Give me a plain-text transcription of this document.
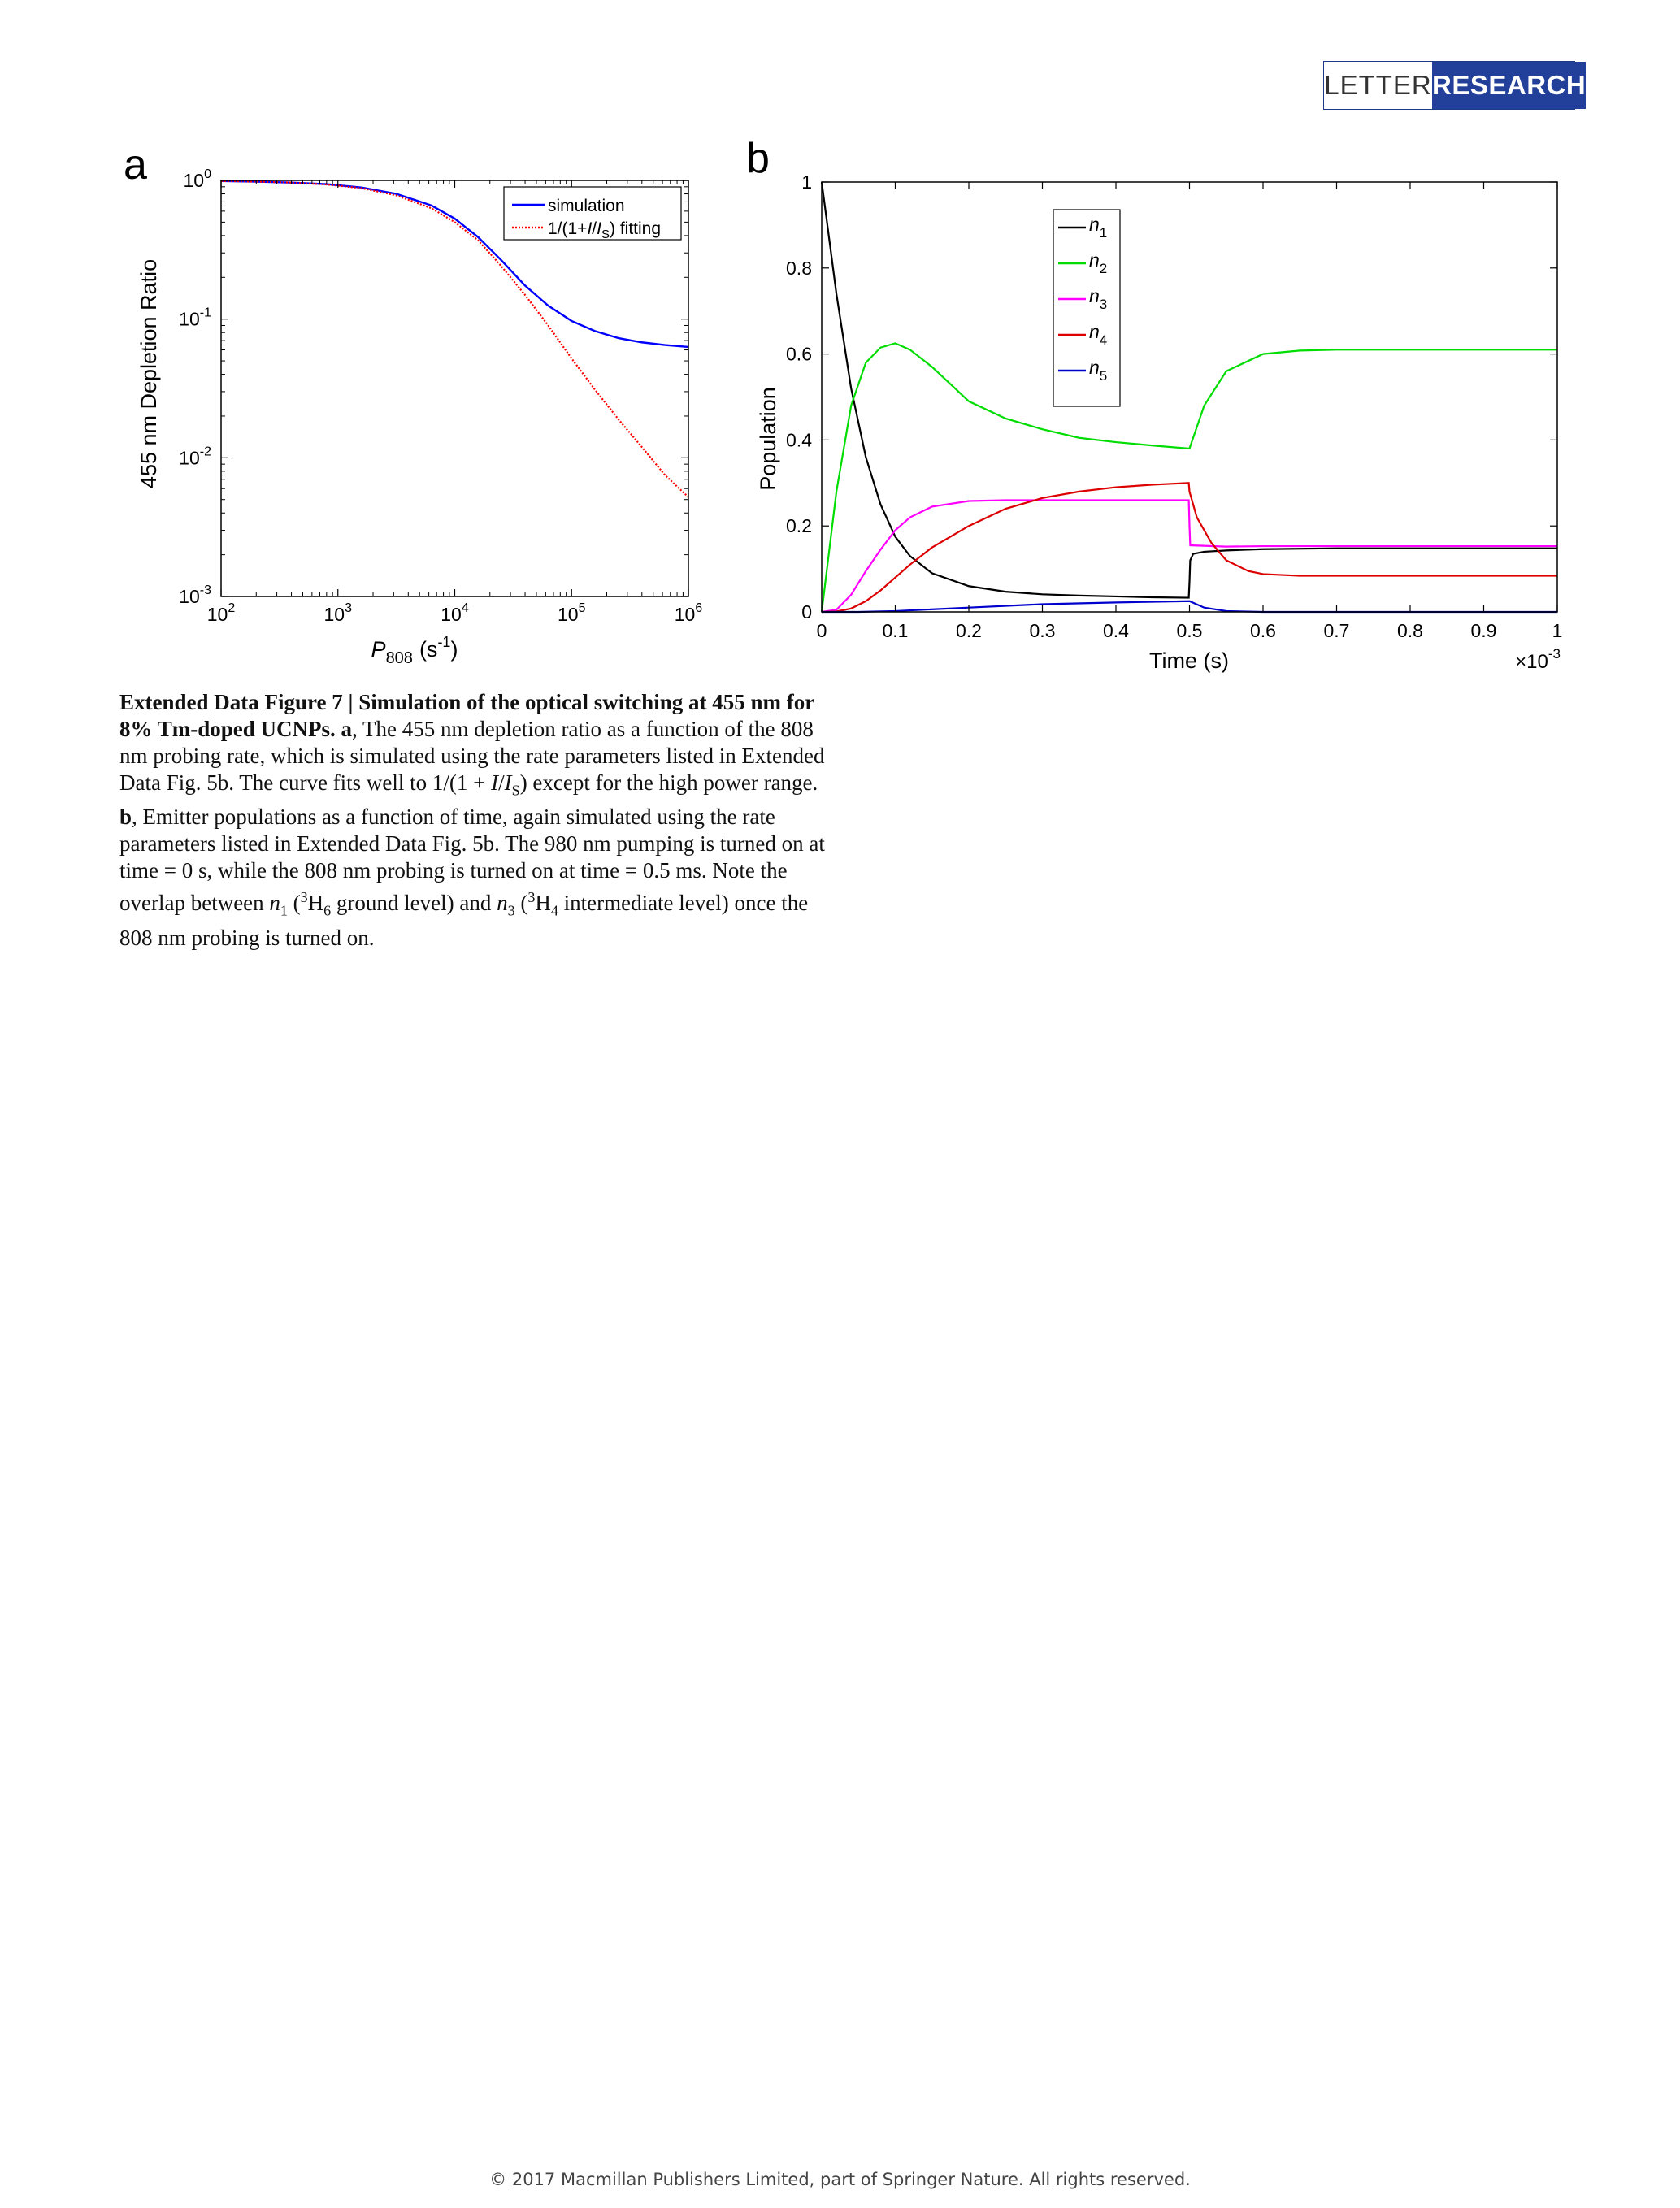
LETTER RESEARCH
a
455 nm Depletion Ratio
$10^2$	$10^3$	$10^4$	$10^5$	$10^6$
$10^0$
$10^{-1}$
$10^{-2}$
$10^{-3}$
simulation
$1/(1+I/I_S)$ fitting
$P_{808}$ $(s^{-1})$
b
Population
0	0.1	0.2	0.3	0.4	0.5	0.6	0.7	0.8	0.9	1
0
0.2
0.4
0.6
0.8
1
$n_1$
$n_2$
$n_3$
$n_4$
$n_5$
Time (s)	$\times 10^{-3}$
Extended Data Figure 7 | Simulation of the optical switching at 455 nm for 8% Tm-doped UCNPs. a, The 455 nm depletion ratio as a function of the 808 nm probing rate, which is simulated using the rate parameters listed in Extended Data Fig. 5b. The curve fits well to $1/(1 + I/I_S)$ except for the high power range. b, Emitter populations as a function of time, again simulated using the rate parameters listed in Extended Data Fig. 5b. The 980 nm pumping is turned on at time = 0 s, while the 808 nm probing is turned on at time = 0.5 ms. Note the overlap between $n_1$ ($^3H_6$ ground level) and $n_3$ ($^3H_4$ intermediate level) once the 808 nm probing is turned on.
© 2017 Macmillan Publishers Limited, part of Springer Nature. All rights reserved.
